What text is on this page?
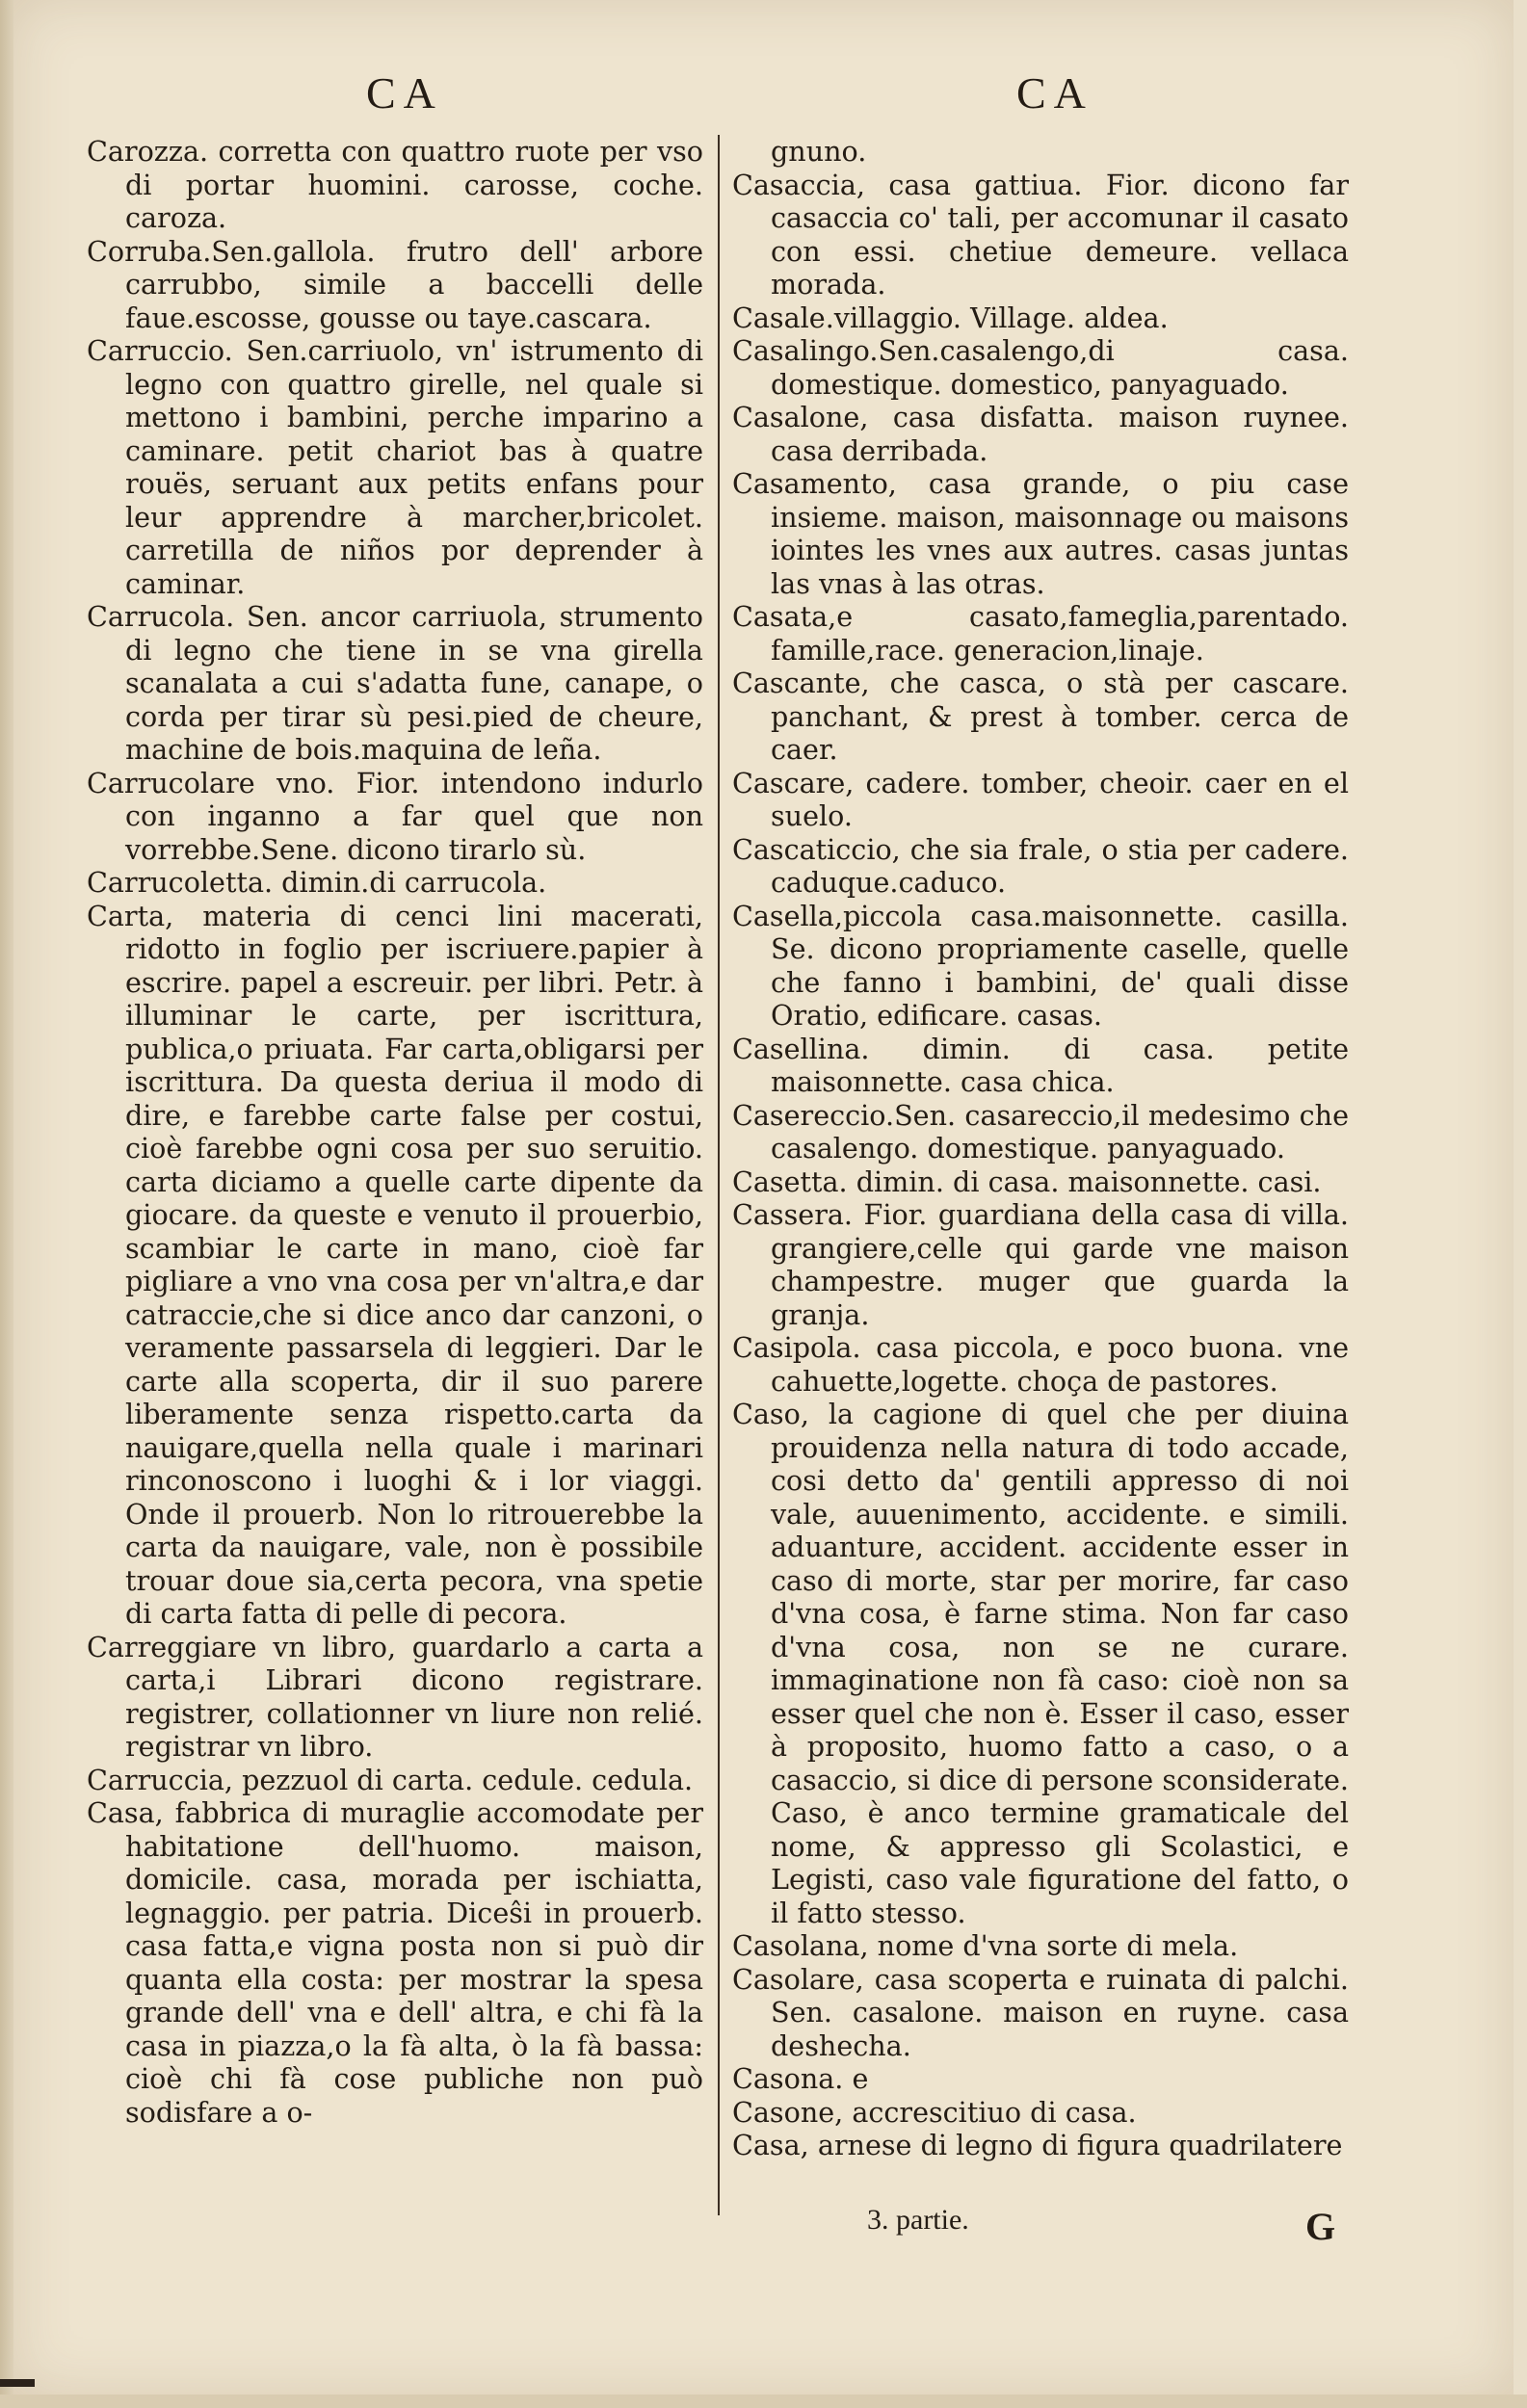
CA	CA

Carozza. corretta con quattro ruote per vso di portar huomini. carosse, coche. caroza.

Corruba.Sen.gallola. frutro dell' arbore carrubbo, simile a baccelli delle faue.escosse, gousse ou taye.cascara.

Carruccio. Sen.carriuolo, vn' istrumento di legno con quattro girelle, nel quale si mettono i bambini, perche imparino a caminare. petit chariot bas à quatre rouës, seruant aux petits enfans pour leur apprendre à marcher,bricolet. carretilla de niños por deprender à caminar.

Carrucola. Sen. ancor carriuola, strumento di legno che tiene in se vna girella scanalata a cui s'adatta fune, canape, o corda per tirar sù pesi.pied de cheure, machine de bois.maquina de leña.

Carrucolare vno. Fior. intendono indurlo con inganno a far quel que non vorrebbe.Sene. dicono tirarlo sù.

Carrucoletta. dimin.di carrucola.

Carta, materia di cenci lini macerati, ridotto in foglio per iscriuere.papier à escrire. papel a escreuir. per libri. Petr. à illuminar le carte, per iscrittura, publica,o priuata. Far carta,obligarsi per iscrittura. Da questa deriua il modo di dire, e farebbe carte false per costui, cioè farebbe ogni cosa per suo seruitio. carta diciamo a quelle carte dipente da giocare. da queste e venuto il prouerbio, scambiar le carte in mano, cioè far pigliare a vno vna cosa per vn'altra,e dar catraccie,che si dice anco dar canzoni, o veramente passarsela di leggieri. Dar le carte alla scoperta, dir il suo parere liberamente senza rispetto.carta da nauigare,quella nella quale i marinari rinconoscono i luoghi & i lor viaggi. Onde il prouerb. Non lo ritrouerebbe la carta da nauigare, vale, non è possibile trouar doue sia,certa pecora, vna spetie di carta fatta di pelle di pecora.

Carreggiare vn libro, guardarlo a carta a carta,i Librari dicono registrare. registrer, collationner vn liure non relié. registrar vn libro.

Carruccia, pezzuol di carta. cedule. cedula.

Casa, fabbrica di muraglie accomodate per habitatione dell'huomo. maison, domicile. casa, morada per ischiatta, legnaggio. per patria. Diceŝi in prouerb. casa fatta,e vigna posta non si può dir quanta ella costa: per mostrar la spesa grande dell' vna e dell' altra, e chi fà la casa in piazza,o la fà alta, ò la fà bassa: cioè chi fà cose publiche non può sodisfare a o-

gnuno.

Casaccia, casa gattiua. Fior. dicono far casaccia co' tali, per accomunar il casato con essi. chetiue demeure. vellaca morada.

Casale.villaggio. Village. aldea.

Casalingo.Sen.casalengo,di casa. domestique. domestico, panyaguado.

Casalone, casa disfatta. maison ruynee. casa derribada.

Casamento, casa grande, o piu case insieme. maison, maisonnage ou maisons iointes les vnes aux autres. casas juntas las vnas à las otras.

Casata,e casato,fameglia,parentado. famille,race. generacion,linaje.

Cascante, che casca, o stà per cascare. panchant, & prest à tomber. cerca de caer.

Cascare, cadere. tomber, cheoir. caer en el suelo.

Cascaticcio, che sia frale, o stia per cadere. caduque.caduco.

Casella,piccola casa.maisonnette. casilla. Se. dicono propriamente caselle, quelle che fanno i bambini, de' quali disse Oratio, edificare. casas.

Casellina. dimin. di casa. petite maisonnette. casa chica.

Casereccio.Sen. casareccio,il medesimo che casalengo. domestique. panyaguado.

Casetta. dimin. di casa. maisonnette. casi.

Cassera. Fior. guardiana della casa di villa. grangiere,celle qui garde vne maison champestre. muger que guarda la granja.

Casipola. casa piccola, e poco buona. vne cahuette,logette. choça de pastores.

Caso, la cagione di quel che per diuina prouidenza nella natura di todo accade, cosi detto da' gentili appresso di noi vale, auuenimento, accidente. e simili. aduanture, accident. accidente esser in caso di morte, star per morire, far caso d'vna cosa, è farne stima. Non far caso d'vna cosa, non se ne curare. immaginatione non fà caso: cioè non sa esser quel che non è. Esser il caso, esser à proposito, huomo fatto a caso, o a casaccio, si dice di persone sconsiderate. Caso, è anco termine gramaticale del nome, & appresso gli Scolastici, e Legisti, caso vale figuratione del fatto, o il fatto stesso.

Casolana, nome d'vna sorte di mela.

Casolare, casa scoperta e ruinata di palchi. Sen. casalone. maison en ruyne. casa deshecha.

Casona. e

Casone, accrescitiuo di casa.

Casa, arnese di legno di figura quadrilatere

3. partie.	G
